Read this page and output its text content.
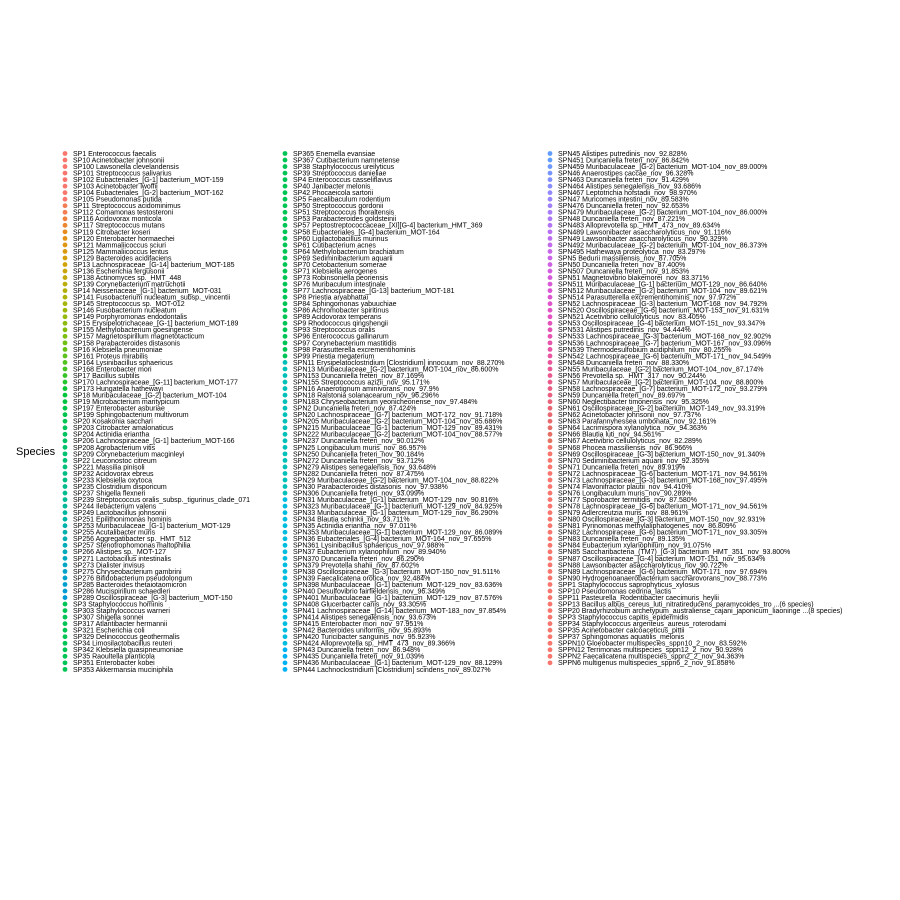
Species
SP1 Enterococcus faecalis
SP10 Acinetobacter johnsonii
SP100 Lawsonella clevelandensis
SP101 Streptococcus salivarius
SP102 Eubacteriales_[G-1] bacterium_MOT-159
SP103 Acinetobacter lwoffii
SP104 Eubacteriales_[G-2] bacterium_MOT-162
SP105 Pseudomonas putida
SP11 Streptococcus acidominimus
SP112 Comamonas testosteroni
SP116 Acidovorax monticola
SP117 Streptococcus mutans
SP119 Citrobacter koseri
SP120 Enterobacter hormaechei
SP121 Mammaliicoccus sciuri
SP125 Mammaliicoccus lentus
SP129 Bacteroides acidifaciens
SP13 Lachnospiraceae_[G-14] bacterium_MOT-185
SP136 Escherichia fergusonii
SP138 Actinomyces sp._HMT_448
SP139 Corynebacterium matruchotii
SP14 Neisseriaceae_[G-1] bacterium_MOT-031
SP141 Fusobacterium nucleatum_subsp._vincentii
SP145 Streptococcus sp._MOT-012
SP146 Fusobacterium nucleatum
SP149 Porphyromonas endodontalis
SP15 Erysipelotrichaceae_[G-1] bacterium_MOT-189
SP155 Methylobacterium goesingense
SP157 Magnetospirillum magnetotacticum
SP158 Parabacteroides distasonis
SP16 Klebsiella pneumoniae
SP161 Proteus mirabilis
SP164 Lysinibacillus sphaericus
SP168 Enterobacter mori
SP17 Bacillus subtilis
SP170 Lachnospiraceae_[G-11] bacterium_MOT-177
SP173 Hungatella hathewayi
SP18 Muribaculaceae_[G-2] bacterium_MOT-104
SP19 Microbacterium maritypicum
SP197 Enterobacter asburiae
SP199 Sphingobacterium multivorum
SP20 Kosakonia sacchari
SP203 Citrobacter amalonaticus
SP204 Actinidia eriantha
SP206 Lachnospiraceae_[G-1] bacterium_MOT-166
SP208 Agrobacterium vitis
SP209 Corynebacterium macginleyi
SP22 Leuconostoc citreum
SP221 Massilia pinisoli
SP232 Acidovorax ebreus
SP233 Klebsiella oxytoca
SP235 Clostridium disporicum
SP237 Shigella flexneri
SP239 Streptococcus oralis_subsp._tigurinus_clade_071
SP244 Ilebacterium valens
SP249 Lactobacillus johnsonii
SP251 Epilithonimonas hominis
SP253 Muribaculaceae_[G-1] bacterium_MOT-129
SP255 Acutalibacter muris
SP256 Aggregatibacter sp._HMT_512
SP257 Stenotrophomonas maltophilia
SP266 Alistipes sp._MOT-127
SP271 Lactobacillus intestinalis
SP273 Dialister invisus
SP275 Chryseobacterium gambrini
SP276 Bifidobacterium pseudolongum
SP285 Bacteroides thetaiotaomicron
SP286 Mucispirillum schaedleri
SP289 Oscillospiraceae_[G-3] bacterium_MOT-150
SP3 Staphylococcus hominis
SP303 Staphylococcus warneri
SP307 Shigella sonnei
SP317 Atlantibacter hermannii
SP321 Escherichia coli
SP329 Delinococcus geothermalis
SP34 Limosilactobacillus reuteri
SP342 Klebsiella quasipneumoniae
SP35 Raoultella planticola
SP351 Enterobacter kobei
SP353 Akkermansia muciniphila
SP365 Enemella evansiae
SP367 Cutibacterium namnetense
SP38 Staphylococcus ureilyticus
SP39 Streptococcus danieliae
SP4 Enterococcus casseliflavus
SP40 Janibacter melonis
SP42 Phocaeicola sartorii
SP5 Faecalibaculum rodentium
SP50 Streptococcus gordonii
SP51 Streptococcus thoraltensis
SP53 Parabacteroides goldsteinii
SP57 Peptostreptococcaceae_[XI][G-4] bacterium_HMT_369
SP58 Eubacteriales_[G-4] bacterium_MOT-164
SP60 Ligilactobacillus murinus
SP61 Cutibacterium acnes
SP64 Methylobacterium brachiatum
SP69 Sediminibacterium aquarii
SP70 Cetobacterium somerae
SP71 Klebsiella aerogenes
SP73 Robinsoniella peoriensis
SP76 Muribaculum intestinale
SP77 Lachnospiraceae_[G-13] bacterium_MOT-181
SP8 Priestia aryabhattai
SP84 Sphingomonas yabuuchiae
SP86 Achromobacter spiritinus
SP89 Acidovorax temperans
SP9 Rhodococcus qingshengii
SP93 Streptococcus oralis
SP96 Enterococcus gallinarum
SP97 Corynebacterium mastitidis
SP98 Parasutterella excrementihominis
SP99 Priestia megaterium
SPN11 Erysipelatoclostridium [Clostridium] innocuum_nov_88.270%
SPN13 Muribaculaceae_[G-2] bacterium_MOT-104_nov_86.600%
SPN153 Duncaniella freteri_nov_87.169%
SPN155 Streptococcus azizii_nov_95.171%
SPN16 Anaerotignum aminivorans_nov_97.9%
SPN18 Ralstonia solanacearum_nov_96.296%
SPN183 Chryseobacterium yeonicheonense_nov_97.484%
SPN2 Duncaniella freteri_nov_87.424%
SPN20 Lachnospiraceae_[G-7] bacterium_MOT-172_nov_91.718%
SPN205 Muribaculaceae_[G-2] bacterium_MOT-104_nov_85.686%
SPN215 Muribaculaceae_[G-1] bacterium_MOT-129_nov_89.431%
SPN222 Muribaculaceae_[G-2] bacterium_MOT-104_nov_88.577%
SPN237 Duncaniella freteri_nov_90.012%
SPN25 Longibaculum muris_nov_86.957%
SPN250 Duncaniella freteri_nov_90.184%
SPN272 Duncaniella freteri_nov_93.712%
SPN279 Alistipes senegalensis_nov_93.648%
SPN282 Duncaniella freteri_nov_87.475%
SPN29 Muribaculaceae_[G-2] bacterium_MOT-104_nov_88.822%
SPN30 Parabacteroides distasonis_nov_97.938%
SPN306 Duncaniella freteri_nov_93.099%
SPN31 Muribaculaceae_[G-1] bacterium_MOT-129_nov_90.816%
SPN323 Muribaculaceae_[G-1] bacterium_MOT-129_nov_84.925%
SPN33 Muribaculaceae_[G-1] bacterium_MOT-129_nov_86.290%
SPN34 Blautia schinkii_nov_93.711%
SPN35 Actinidia eriantha_nov_97.011%
SPN353 Muribaculaceae_[G-1] bacterium_MOT-129_nov_86.089%
SPN36 Eubacteriales_[G-4] bacterium_MOT-164_nov_97.655%
SPN361 Lysinibacillus sphaericus_nov_97.988%
SPN37 Eubacterium xylanophilum_nov_89.940%
SPN370 Duncaniella freteri_nov_86.290%
SPN379 Prevotella shahii_nov_87.602%
SPN38 Oscillospiraceae_[G-3] bacterium_MOT-150_nov_91.511%
SPN39 Faecalicatena orotica_nov_92.484%
SPN398 Muribaculaceae_[G-1] bacterium_MOT-129_nov_83.636%
SPN40 Desulfovibrio fairfieldensis_nov_96.349%
SPN401 Muribaculaceae_[G-1] bacterium_MOT-129_nov_87.576%
SPN408 Glucerbacter canis_nov_93.305%
SPN41 Lachnospiraceae_[G-14] bacterium_MOT-183_nov_97.854%
SPN414 Alistipes senegalensis_nov_93.673%
SPN415 Enterobacter mori_nov_97.951%
SPN42 Bacteroides uniformis_nov_95.893%
SPN420 Turicibacter sanguinis_nov_95.923%
SPN424 Alloprevotella sp._HMT_473_nov_89.366%
SPN43 Duncaniella freteri_nov_86.948%
SPN435 Duncaniella freteri_nov_91.039%
SPN436 Muribaculaceae_[G-1] bacterium_MOT-129_nov_88.129%
SPN44 Lachnoclostridium [Clostridium] scindens_nov_89.027%
SPN45 Alistipes putredinis_nov_92.828%
SPN451 Duncaniella freteri_nov_86.842%
SPN459 Muribaculaceae_[G-2] bacterium_MOT-104_nov_89.000%
SPN46 Anaerostipes caccae_nov_96.328%
SPN463 Duncaniella freteri_nov_91.429%
SPN464 Alistipes senegalensis_nov_93.686%
SPN467 Leptotrichia hofstadii_nov_98.970%
SPN47 Muricomes intestini_nov_89.583%
SPN476 Duncaniella freteri_nov_92.653%
SPN479 Muribaculaceae_[G-2] bacterium_MOT-104_nov_86.000%
SPN48 Duncaniella freteri_nov_87.221%
SPN483 Alloprevotella sp._HMT_473_nov_89.634%
SPN489 Lawsonibacter asaccharolyticus_nov_91.116%
SPN49 Lawsonibacter asaccharolyticus_nov_90.329%
SPN492 Muribaculaceae_[G-2] bacterium_MOT-104_nov_86.373%
SPN495 Hathewaya proteolytica_nov_83.297%
SPN5 Bedurii massiliensis_nov_87.705%
SPN50 Duncaniella freteri_nov_87.400%
SPN507 Duncaniella freteri_nov_91.853%
SPN51 Magnetovibrio blakemorei_nov_83.371%
SPN511 Muribaculaceae_[G-1] bacterium_MOT-129_nov_86.640%
SPN512 Muribaculaceae_[G-2] bacterium_MOT-104_nov_89.621%
SPN514 Parasutterella excrementihominis_nov_97.972%
SPN52 Lachnospiraceae_[G-3] bacterium_MOT-168_nov_94.792%
SPN520 Oscillospiraceae_[G-6] bacterium_MOT-153_nov_91.631%
SPN521 Acetivibrio cellulolyticus_nov_83.405%
SPN53 Oscillospiraceae_[G-4] bacterium_MOT-151_nov_93.347%
SPN531 Alistipes putredinis_nov_94.444%
SPN533 Lachnospiraceae_[G-3] bacterium_MOT-168_nov_92.902%
SPN536 Lachnospiraceae_[G-7] bacterium_MOT-167_nov_93.096%
SPN539 Thermodesulfobium acidiphilum_nov_80.255%
SPN542 Lachnospiraceae_[G-6] bacterium_MOT-171_nov_94.549%
SPN548 Duncaniella freteri_nov_88.330%
SPN55 Muribaculaceae_[G-2] bacterium_MOT-104_nov_87.174%
SPN56 Prevotella sp._HMT_317_nov_90.244%
SPN57 Muribaculaceae_[G-2] bacterium_MOT-104_nov_88.800%
SPN58 Lachnospiraceae_[G-7] bacterium_MOT-172_nov_93.279%
SPN59 Duncaniella freteri_nov_89.697%
SPN60 Neglectibacter timonensis_nov_95.325%
SPN61 Oscillospiraceae_[G-2] bacterium_MOT-149_nov_93.319%
SPN62 Acinetobacter johnsonii_nov_97.737%
SPN63 Parafannyhessea umbonata_nov_92.161%
SPN64 Lacrimispora xylanolytica_nov_94.363%
SPN66 Blautia luti_nov_94.561%
SPN67 Acetivibrio cellulolyticus_nov_82.289%
SPN68 Phocea massiliensis_nov_86.966%
SPN69 Oscillospiraceae_[G-3] bacterium_MOT-150_nov_91.340%
SPN70 Sediminibacterium aquarii_nov_92.355%
SPN71 Duncaniella freteri_nov_89.919%
SPN72 Lachnospiraceae_[G-6] bacterium_MOT-171_nov_94.561%
SPN73 Lachnospiraceae_[G-3] bacterium_MOT-168_nov_97.495%
SPN74 Flavonifractor plautii_nov_94.410%
SPN76 Longibaculum muris_nov_90.289%
SPN77 Sporobacter termitidis_nov_87.580%
SPN78 Lachnospiraceae_[G-6] bacterium_MOT-171_nov_94.561%
SPN79 Adlercreutzia muris_nov_88.961%
SPN80 Oscillospiraceae_[G-3] bacterium_MOT-150_nov_92.931%
SPN81 Pyrinomonas methylaliphatogenes_nov_86.809%
SPN82 Lachnospiraceae_[G-6] bacterium_MOT-171_nov_93.305%
SPN83 Duncaniella freteri_nov_89.135%
SPN84 Eubacterium xylanophilum_nov_91.075%
SPN85 Saccharibacteria_(TM7)_[G-3] bacterium_HMT_351_nov_93.800%
SPN87 Oscillospiraceae_[G-4] bacterium_MOT-151_nov_95.634%
SPN88 Lawsonibacter asaccharolyticus_nov_90.722%
SPN89 Lachnospiraceae_[G-6] bacterium_MOT-171_nov_97.694%
SPN90 Hydrogenoanaerobacterium saccharovorans_nov_88.773%
SPP1 Staphylococcus saprophyticus_xylosus
SPP10 Pseudomonas cedrina_lactis
SPP11 Pasteurella_Rodentibacter caecimuris_heylii
SPP13 Bacillus albus_cereus_luti_nitratireducens_paramycoides_tro ...(6 species)
SPP20 Bradyrhizobium archetypum_australiense_cajani_japonicum_liaoninge ...(8 species)
SPP3 Staphylococcus capitis_epidermidis
SPP34 Staphylococcus argenteus_aureus_roterodami
SPP35 Acinetobacter calcoaceticus_pittii
SPP37 Sphingomonas aquatilis_melonis
SPPN10 Gloeobacter multispecies_sppn10_2_nov_83.592%
SPPN12 Terrimonas multispecies_sppn12_2_nov_90.928%
SPPN2 Faecalicatena multispecies_sppn2_2_nov_94.363%
SPPN6 multigenus multispecies_sppn6_2_nov_91.858%
